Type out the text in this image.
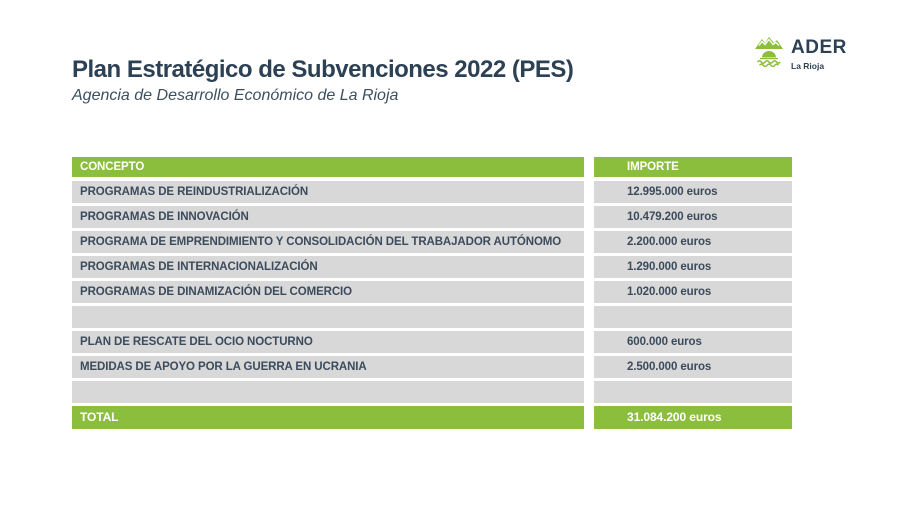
Plan Estratégico de Subvenciones 2022 (PES)
Agencia de Desarrollo Económico de La Rioja
ADER
La Rioja
CONCEPTO	IMPORTE
PROGRAMAS DE REINDUSTRIALIZACIÓN	12.995.000 euros
PROGRAMAS DE INNOVACIÓN	10.479.200 euros
PROGRAMA DE EMPRENDIMIENTO Y CONSOLIDACIÓN DEL TRABAJADOR AUTÓNOMO	2.200.000 euros
PROGRAMAS DE INTERNACIONALIZACIÓN	1.290.000 euros
PROGRAMAS DE DINAMIZACIÓN DEL COMERCIO	1.020.000 euros
PLAN DE RESCATE DEL OCIO NOCTURNO	600.000 euros
MEDIDAS DE APOYO POR LA GUERRA EN UCRANIA	2.500.000 euros
TOTAL	31.084.200 euros
